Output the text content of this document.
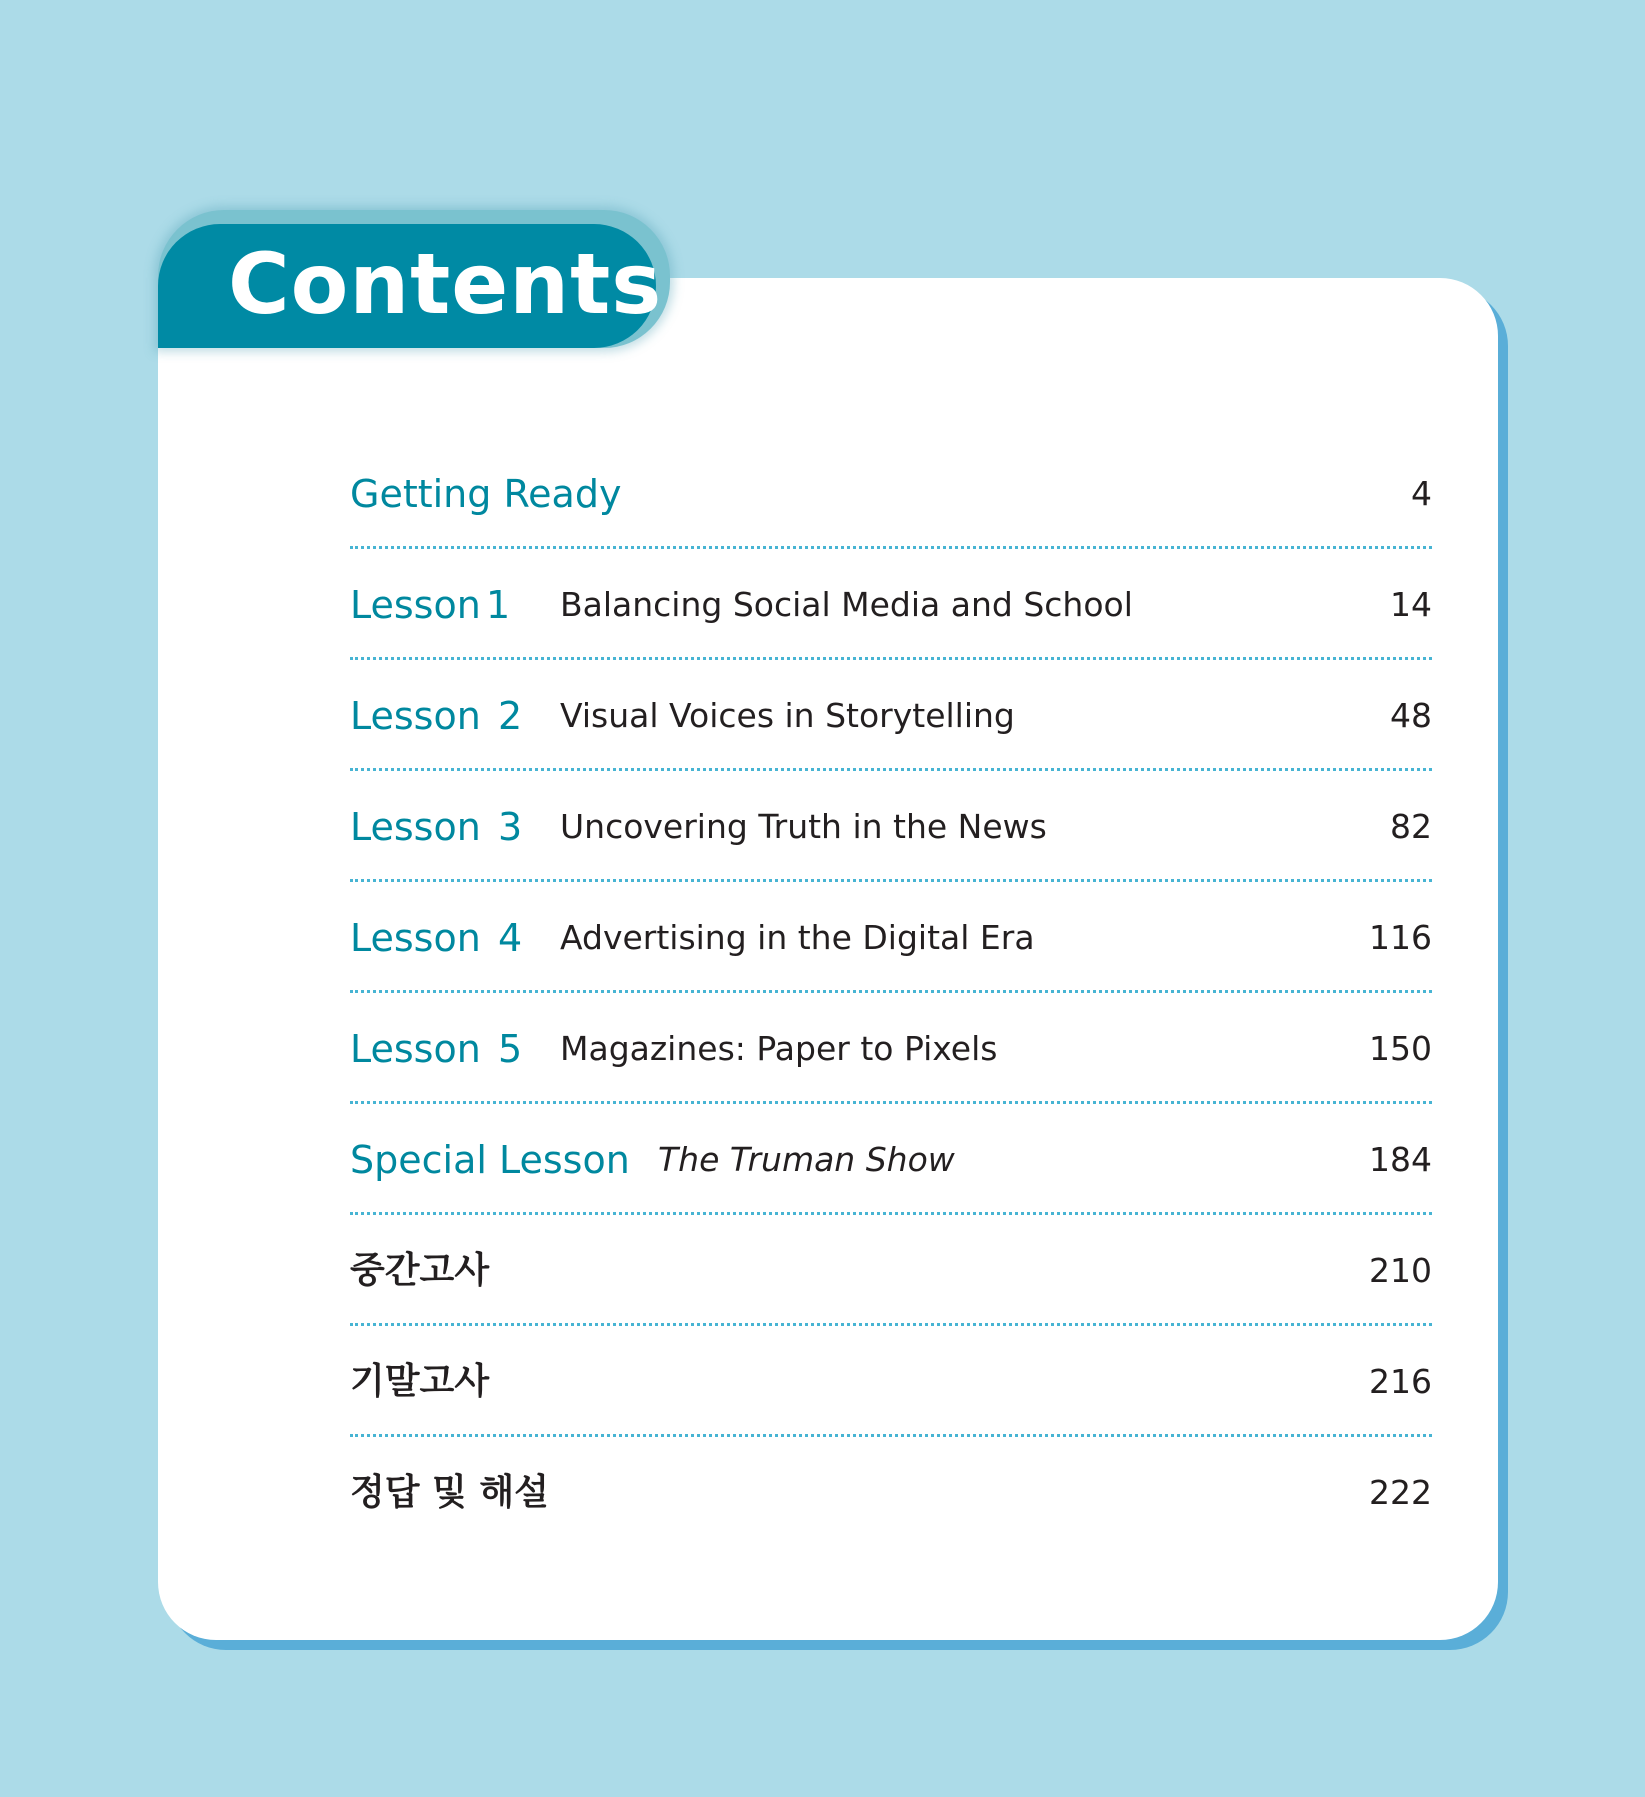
Contents
Getting Ready	4
Lesson 1 Balancing Social Media and School	14
Lesson 2 Visual Voices in Storytelling	48
Lesson 3 Uncovering Truth in the News	82
Lesson 4 Advertising in the Digital Era	116
Lesson 5 Magazines: Paper to Pixels	150
Special Lesson The Truman Show	184
중간고사	210
기말고사	216
정답 및 해설	222
